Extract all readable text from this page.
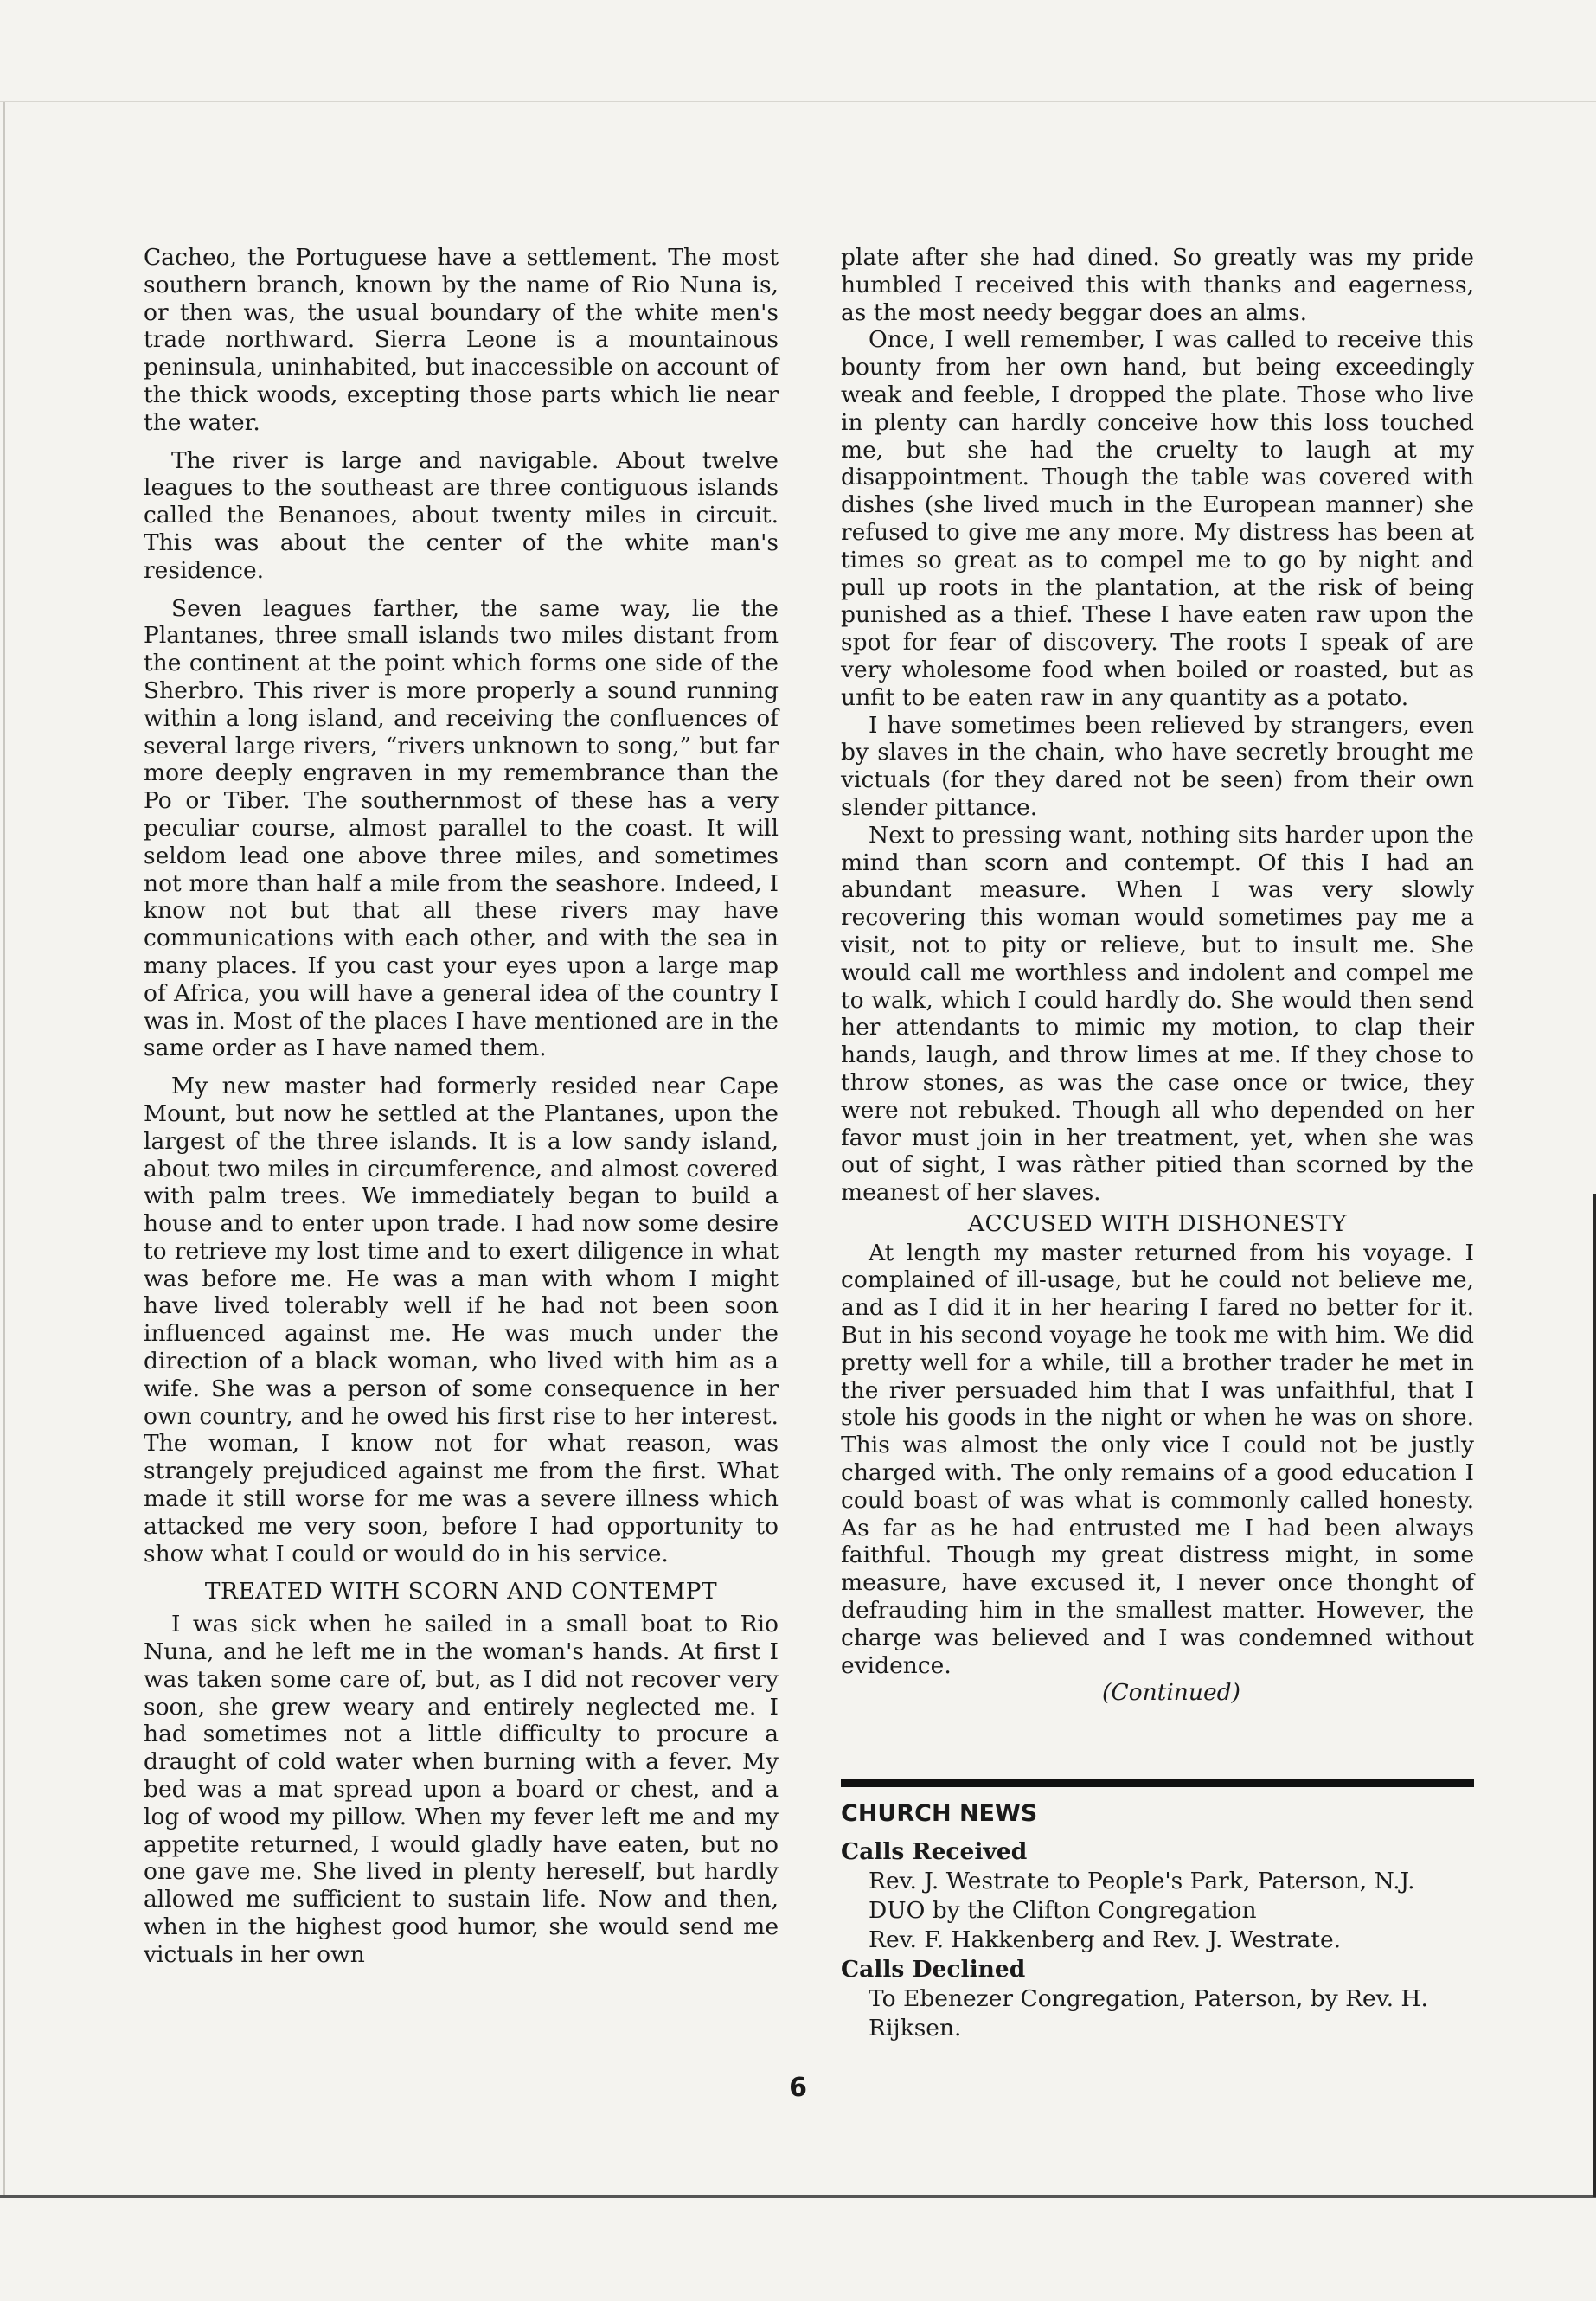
Cacheo, the Portuguese have a settlement. The most southern branch, known by the name of Rio Nuna is, or then was, the usual boundary of the white men's trade northward. Sierra Leone is a mountainous peninsula, uninhabited, but inaccessible on account of the thick woods, excepting those parts which lie near the water.

The river is large and navigable. About twelve leagues to the southeast are three contiguous islands called the Benanoes, about twenty miles in circuit. This was about the center of the white man's residence.

Seven leagues farther, the same way, lie the Plantanes, three small islands two miles distant from the continent at the point which forms one side of the Sherbro. This river is more properly a sound running within a long island, and receiving the confluences of several large rivers, “rivers unknown to song,” but far more deeply engraven in my remembrance than the Po or Tiber. The southernmost of these has a very peculiar course, almost parallel to the coast. It will seldom lead one above three miles, and sometimes not more than half a mile from the seashore. Indeed, I know not but that all these rivers may have communications with each other, and with the sea in many places. If you cast your eyes upon a large map of Africa, you will have a general idea of the country I was in. Most of the places I have mentioned are in the same order as I have named them.

My new master had formerly resided near Cape Mount, but now he settled at the Plantanes, upon the largest of the three islands. It is a low sandy island, about two miles in circumference, and almost covered with palm trees. We immediately began to build a house and to enter upon trade. I had now some desire to retrieve my lost time and to exert diligence in what was before me. He was a man with whom I might have lived tolerably well if he had not been soon influenced against me. He was much under the direction of a black woman, who lived with him as a wife. She was a person of some consequence in her own country, and he owed his first rise to her interest. The woman, I know not for what reason, was strangely prejudiced against me from the first. What made it still worse for me was a severe illness which attacked me very soon, before I had opportunity to show what I could or would do in his service.

TREATED WITH SCORN AND CONTEMPT

I was sick when he sailed in a small boat to Rio Nuna, and he left me in the woman's hands. At first I was taken some care of, but, as I did not recover very soon, she grew weary and entirely neglected me. I had sometimes not a little difficulty to procure a draught of cold water when burning with a fever. My bed was a mat spread upon a board or chest, and a log of wood my pillow. When my fever left me and my appetite returned, I would gladly have eaten, but no one gave me. She lived in plenty hereself, but hardly allowed me sufficient to sustain life. Now and then, when in the highest good humor, she would send me victuals in her own

plate after she had dined. So greatly was my pride humbled I received this with thanks and eagerness, as the most needy beggar does an alms.

Once, I well remember, I was called to receive this bounty from her own hand, but being exceedingly weak and feeble, I dropped the plate. Those who live in plenty can hardly conceive how this loss touched me, but she had the cruelty to laugh at my disappointment. Though the table was covered with dishes (she lived much in the European manner) she refused to give me any more. My distress has been at times so great as to compel me to go by night and pull up roots in the plantation, at the risk of being punished as a thief. These I have eaten raw upon the spot for fear of discovery. The roots I speak of are very wholesome food when boiled or roasted, but as unfit to be eaten raw in any quantity as a potato.

I have sometimes been relieved by strangers, even by slaves in the chain, who have secretly brought me victuals (for they dared not be seen) from their own slender pittance.

Next to pressing want, nothing sits harder upon the mind than scorn and contempt. Of this I had an abundant measure. When I was very slowly recovering this woman would sometimes pay me a visit, not to pity or relieve, but to insult me. She would call me worthless and indolent and compel me to walk, which I could hardly do. She would then send her attendants to mimic my motion, to clap their hands, laugh, and throw limes at me. If they chose to throw stones, as was the case once or twice, they were not rebuked. Though all who depended on her favor must join in her treatment, yet, when she was out of sight, I was ràther pitied than scorned by the meanest of her slaves.

ACCUSED WITH DISHONESTY

At length my master returned from his voyage. I complained of ill-usage, but he could not believe me, and as I did it in her hearing I fared no better for it. But in his second voyage he took me with him. We did pretty well for a while, till a brother trader he met in the river persuaded him that I was unfaithful, that I stole his goods in the night or when he was on shore. This was almost the only vice I could not be justly charged with. The only remains of a good education I could boast of was what is commonly called honesty. As far as he had entrusted me I had been always faithful. Though my great distress might, in some measure, have excused it, I never once thonght of defrauding him in the smallest matter. However, the charge was believed and I was condemned without evidence.

(Continued)

CHURCH NEWS
Calls Received
Rev. J. Westrate to People's Park, Paterson, N.J.
DUO by the Clifton Congregation
Rev. F. Hakkenberg and Rev. J. Westrate.
Calls Declined
To Ebenezer Congregation, Paterson, by Rev. H. Rijksen.
6
